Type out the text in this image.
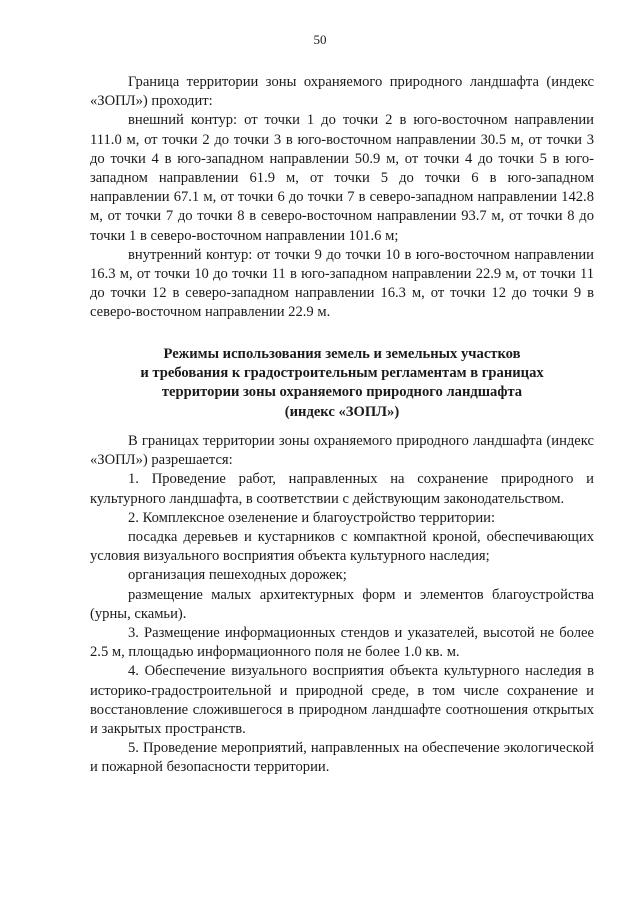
50

Граница территории зоны охраняемого природного ландшафта (индекс «ЗОПЛ») проходит:

внешний контур: от точки 1 до точки 2 в юго-восточном направлении 111.0 м, от точки 2 до точки 3 в юго-восточном направлении 30.5 м, от точки 3 до точки 4 в юго-западном направлении 50.9 м, от точки 4 до точки 5 в юго-западном направлении 61.9 м, от точки 5 до точки 6 в юго-западном направлении 67.1 м, от точки 6 до точки 7 в северо-западном направлении 142.8 м, от точки 7 до точки 8 в северо-восточном направлении 93.7 м, от точки 8 до точки 1 в северо-восточном направлении 101.6 м;

внутренний контур: от точки 9 до точки 10 в юго-восточном направлении 16.3 м, от точки 10 до точки 11 в юго-западном направлении 22.9 м, от точки 11 до точки 12 в северо-западном направлении 16.3 м, от точки 12 до точки 9 в северо-восточном направлении 22.9 м.

Режимы использования земель и земельных участков
и требования к градостроительным регламентам в границах
территории зоны охраняемого природного ландшафта
(индекс «ЗОПЛ»)

В границах территории зоны охраняемого природного ландшафта (индекс «ЗОПЛ») разрешается:

1. Проведение работ, направленных на сохранение природного и культурного ландшафта, в соответствии с действующим законодательством.

2. Комплексное озеленение и благоустройство территории:

посадка деревьев и кустарников с компактной кроной, обеспечивающих условия визуального восприятия объекта культурного наследия;

организация пешеходных дорожек;

размещение малых архитектурных форм и элементов благоустройства (урны, скамьи).

3. Размещение информационных стендов и указателей, высотой не более 2.5 м, площадью информационного поля не более 1.0 кв. м.

4. Обеспечение визуального восприятия объекта культурного наследия в историко-градостроительной и природной среде, в том числе сохранение и восстановление сложившегося в природном ландшафте соотношения открытых и закрытых пространств.

5. Проведение мероприятий, направленных на обеспечение экологической и пожарной безопасности территории.
